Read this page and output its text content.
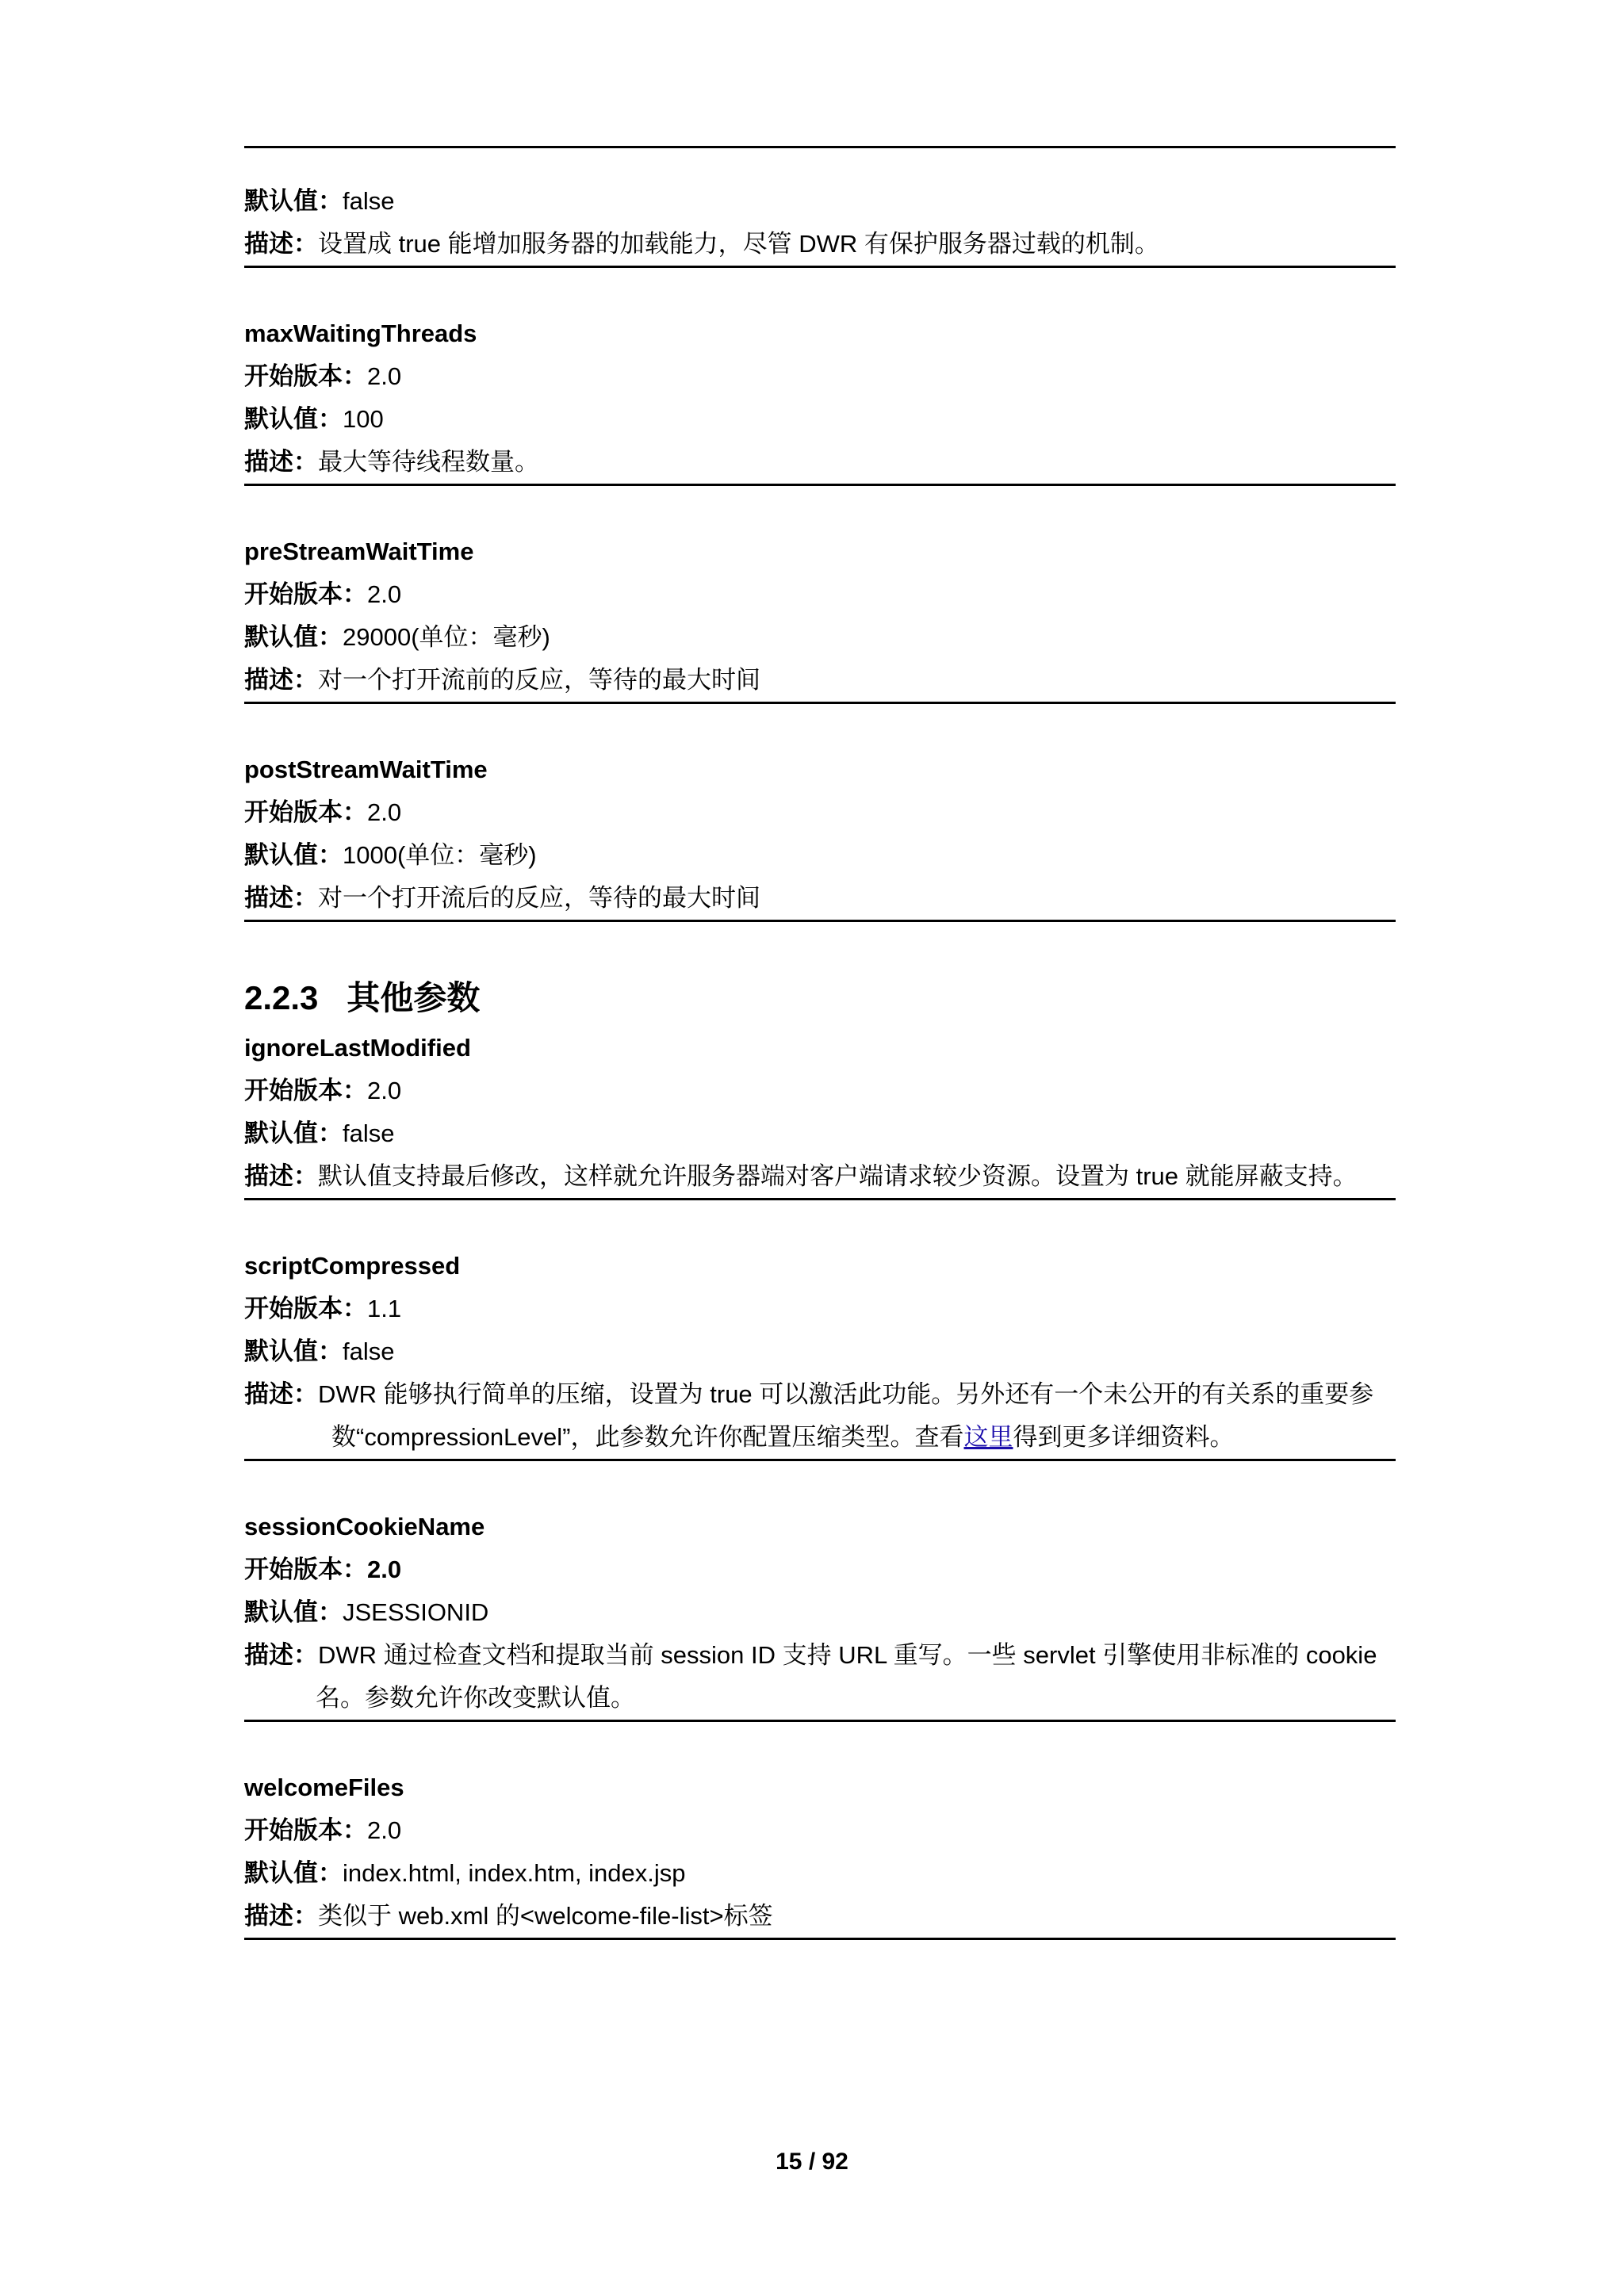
默认值：false
描述：设置成 true 能增加服务器的加载能力，尽管 DWR 有保护服务器过载的机制。
maxWaitingThreads
开始版本：2.0
默认值：100
描述：最大等待线程数量。
preStreamWaitTime
开始版本：2.0
默认值：29000(单位：毫秒)
描述：对一个打开流前的反应，等待的最大时间
postStreamWaitTime
开始版本：2.0
默认值：1000(单位：毫秒)
描述：对一个打开流后的反应，等待的最大时间
2.2.3 其他参数
ignoreLastModified
开始版本：2.0
默认值：false
描述：默认值支持最后修改，这样就允许服务器端对客户端请求较少资源。设置为 true 就能屏蔽支持。
scriptCompressed
开始版本：1.1
默认值：false
描述：DWR 能够执行简单的压缩，设置为 true 可以激活此功能。另外还有一个未公开的有关系的重要参
数“compressionLevel”，此参数允许你配置压缩类型。查看这里得到更多详细资料。
sessionCookieName
开始版本：2.0
默认值：JSESSIONID
描述：DWR 通过检查文档和提取当前 session ID 支持 URL 重写。一些 servlet 引擎使用非标准的 cookie
名。参数允许你改变默认值。
welcomeFiles
开始版本：2.0
默认值：index.html, index.htm, index.jsp
描述：类似于 web.xml 的<welcome-file-list>标签
15 / 92
